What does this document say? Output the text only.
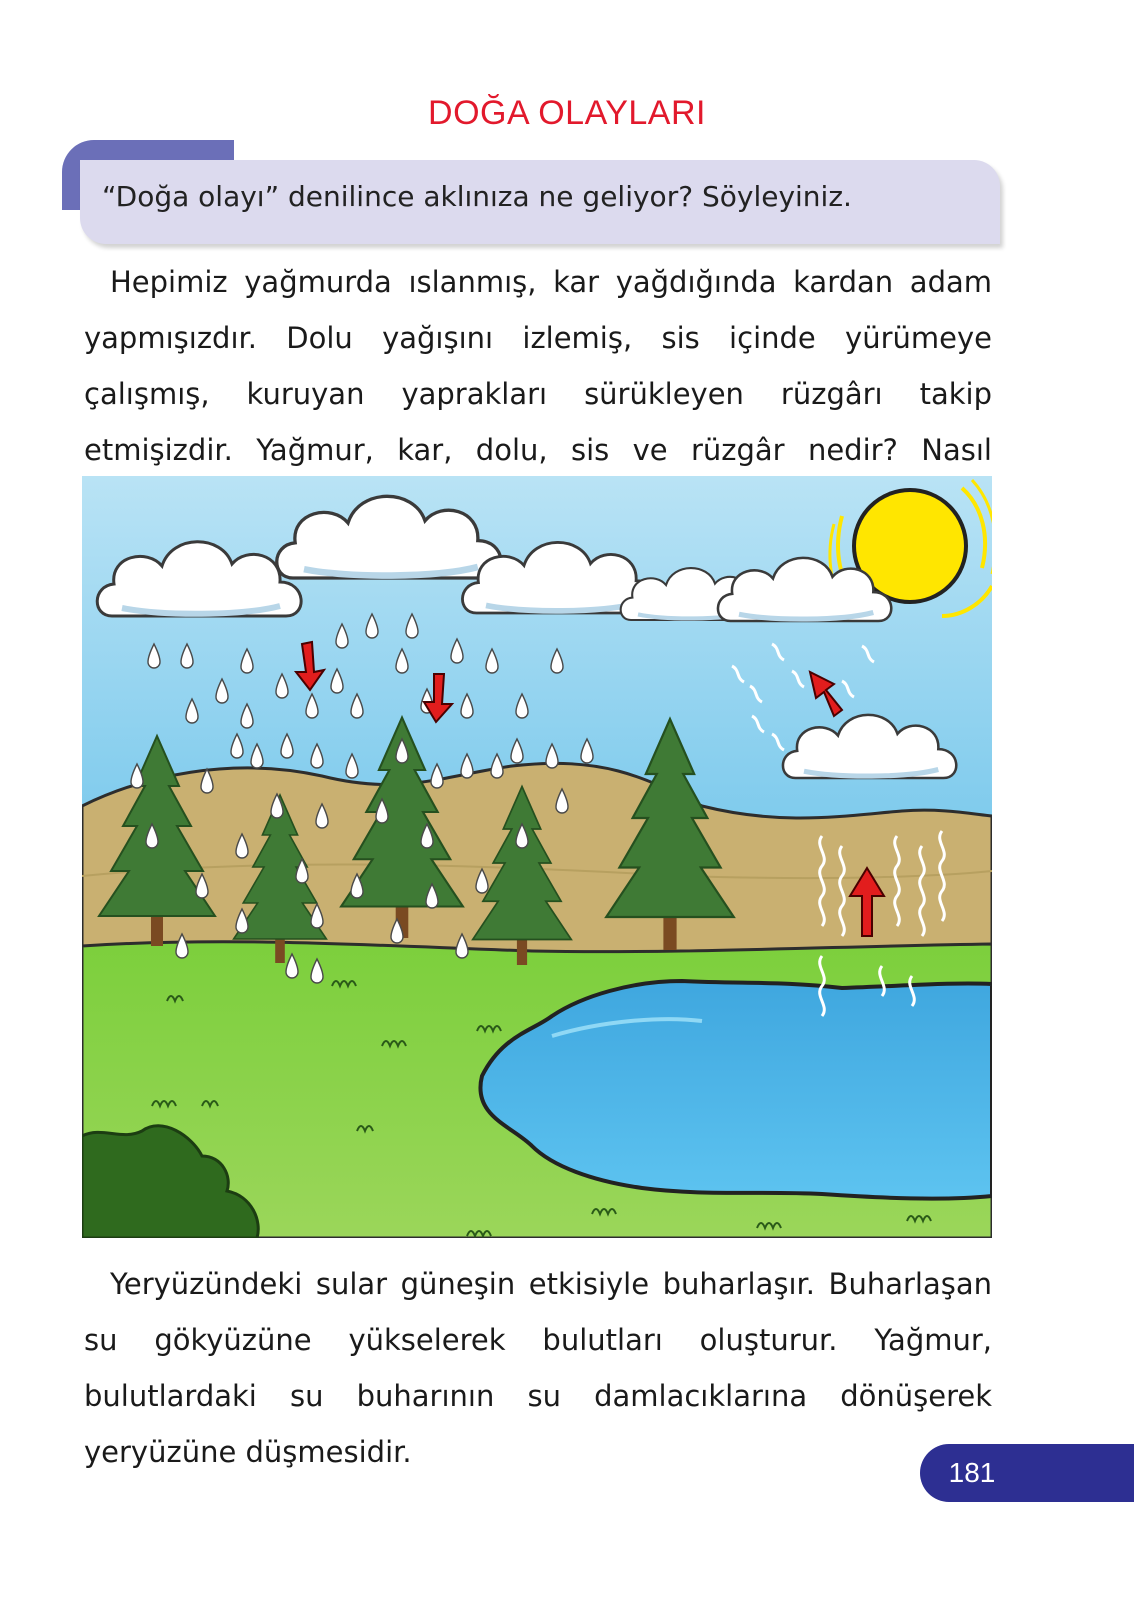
DOĞA OLAYLARI
“Doğa olayı” denilince aklınıza ne geliyor? Söyleyiniz.

Hepimiz yağmurda ıslanmış, kar yağdığında kardan adam yapmışızdır. Dolu yağışını izlemiş, sis içinde yürümeye çalışmış, kuruyan yaprakları sürükleyen rüzgârı takip etmişizdir. Yağmur, kar, dolu, sis ve rüzgâr nedir? Nasıl

Yeryüzündeki sular güneşin etkisiyle buharlaşır. Buharlaşan su gökyüzüne yükselerek bulutları oluşturur. Yağmur, bulutlardaki su buharının su damlacıklarına dönüşerek yeryüzüne düşmesidir.

181
